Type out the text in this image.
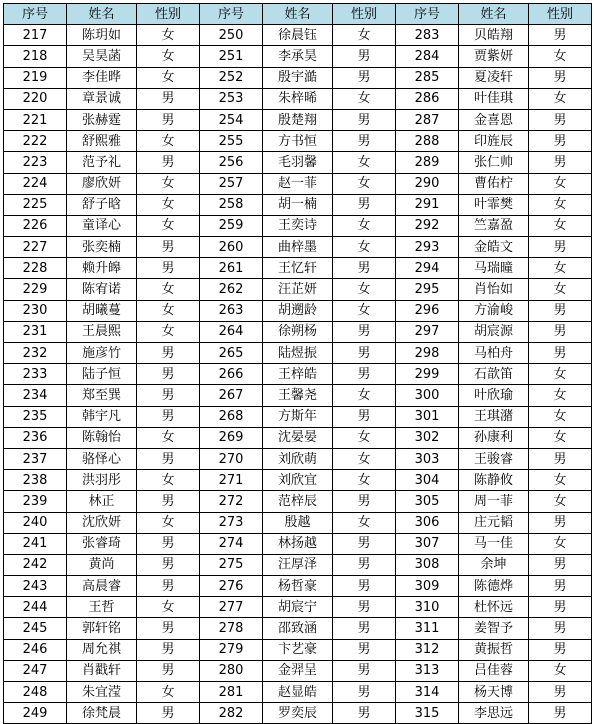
序号	姓名	性别	序号	姓名	性别	序号	姓名	性别
217	陈玥如	女	250	徐晨钰	女	283	贝皓翔	男
218	吴昊菡	女	251	李承昊	男	284	贾紫妍	女
219	李佳晔	女	252	殷宇澔	男	285	夏凌轩	男
220	章景诚	男	253	朱梓晞	女	286	叶佳琪	女
221	张赫霆	男	254	殷楚翔	男	287	金喜恩	男
222	舒熙雅	女	255	方书恒	男	288	印旌辰	男
223	范予礼	男	256	毛羽馨	女	289	张仁帅	男
224	廖欣妍	女	257	赵一菲	女	290	曹佑柠	女
225	舒子晗	女	258	胡一楠	男	291	叶霏樊	女
226	童译心	女	259	王奕诗	女	292	竺嘉盈	女
227	张奕楠	男	260	曲梓墨	女	293	金皓文	男
228	赖升皞	男	261	王忆轩	男	294	马瑞曈	女
229	陈宥诺	女	262	汪芷妍	女	295	肖怡如	女
230	胡曦蔓	女	263	胡遡龄	女	296	方渝峻	男
231	王晨熙	女	264	徐朔杨	男	297	胡宸源	男
232	施彦竹	男	265	陆煜振	男	298	马柏舟	男
233	陆子恒	男	266	王梓皓	男	299	石歆笛	女
234	郑至巽	男	267	王馨尧	女	300	叶欣瑜	女
235	韩宇凡	男	268	方斯年	男	301	王琪潴	女
236	陈翰怡	女	269	沈晏晏	女	302	孙康利	女
237	骆怿心	男	270	刘欣萌	女	303	王骏睿	男
238	洪羽彤	女	271	刘欣宜	女	304	陈静攸	女
239	林正	男	272	范梓辰	男	305	周一菲	女
240	沈欣妍	女	273	殷越	女	306	庄元韬	男
241	张睿琦	男	274	林扬越	男	307	马一佳	女
242	黄尚	男	275	汪厚泽	男	308	余坤	男
243	高晨睿	男	276	杨哲豪	男	309	陈德烨	男
244	王哲	女	277	胡宸宁	男	310	杜怀远	男
245	郭轩铭	男	278	邵致涵	男	311	姜智予	男
246	周允祺	男	279	卞艺豪	男	312	黄振哲	男
247	肖戳轩	男	280	金羿呈	男	313	吕佳蓉	女
248	朱宜滢	女	281	赵显皓	男	314	杨天博	男
249	徐梵晨	男	282	罗奕辰	男	315	李思远	男
